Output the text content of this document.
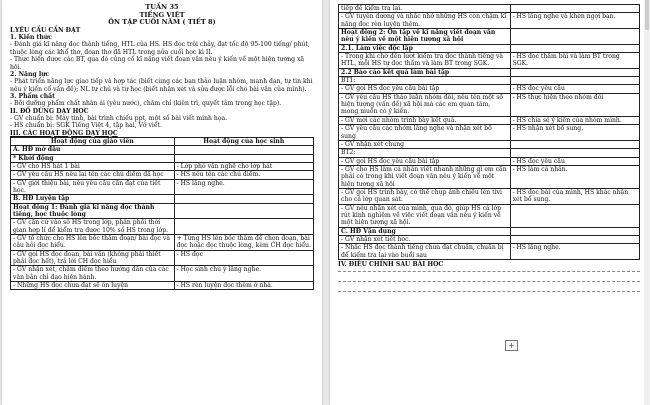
TUẦN 35

TIẾNG VIỆT

ÔN TẬP CUỐI NĂM ( TIẾT 8)

I.YÊU CẦU CẦN ĐẠT

1. Kiến thức

- Đánh giá kĩ năng đọc thành tiếng, HTL của HS. HS đọc trôi chảy, đạt tốc độ 95-100 tiếng/ phút, thuộc lòng các khổ thơ, đoạn thơ đã HTL trong nửa cuối học kì II.

- Thực hiện được các BT, qua đó củng cố kĩ năng viết đoạn văn nêu ý kiến về một hiện tượng xã hội.

2. Năng lực

- Phát triển năng lực giao tiếp và hợp tác (biết cùng các bạn thảo luận nhóm, mạnh dạn, tự tin khi nêu ý kiến cổ vấn đề); NL tự chủ và tự học (biết nhận xét và sửa được lỗi cho bài văn của mình).

3. Phẩm chất

- Bồi dưỡng phẩm chất nhân ái (yêu nước), chăm chỉ (kiên trì, quyết tâm trong học tập).

II. ĐỒ DÙNG DẠY HỌC

- GV chuẩn bị: Máy tính, bài trình chiếu ppt, một số bài viết minh họa.

- HS chuẩn bị: SGK Tiếng Việt 4, tập hai, Vở viết.

III. CÁC HOẠT ĐỘNG DẠY HỌC

Hoạt động của giáo viên	Hoạt động của học sinh
A. HĐ mở đầu	
* Khởi động	
- GV cho HS hát 1 bài	- Lớp phó văn nghệ cho lớp hát
- GV yêu cầu HS nêu lại tên các chủ điểm đã học	- HS nêu tên các chủ điểm.
- GV giới thiệu bài, nêu yêu cầu cần đạt của tiết học.	- HS lắng nghe.
B. HĐ Luyện tập	
Hoạt động 1: Đánh giá kĩ năng đọc thành tiếng, học thuộc lòng	
- GV căn cứ vào số HS trong lớp, phân phối thời gian hợp lí để kiểm tra được 10% số HS trong lớp.	
- GV tổ chức cho HS lên bốc thăm đoạn/ bài đọc và câu hỏi đọc hiểu.	+ Từng HS lên bốc thăm để chọn đoạn, bài đọc hoặc đọc thuộc lòng, kèm CH đọc hiểu.
- GV gọi HS đọc đoạn, bài văn (không phải thiết phải đọc hết), trả lời CH đọc hiểu	- HS đọc
- GV nhận xét, chấm điểm theo hướng dẫn của các văn bản chỉ đạo hiện hành.	- Học sinh chú ý lắng nghe.
- Những HS đọc chưa đạt sẽ ôn luyện	- HS rèn luyện đọc thêm ở nhà.
tiếp để kiểm tra lại.	
- GV tuyên dương và nhắc nhở những HS còn chậm kĩ năng đọc rèn luyện thêm.	- HS lắng nghe và khen ngợi bạn.
Hoạt động 2: Ôn tập về kĩ năng viết đoạn văn nêu ý kiến về một hiện tượng xã hội	
2.1. Làm việc độc lập	
- Trong khi chờ đến lượt kiểm tra đọc thành tiếng và HTL, mỗi HS tự đọc thầm và làm BT trong SGK.	- HS đọc thầm bài và làm BT trong SGK.
2.2 Báo cáo kết quả làm bài tập	
BT1:	
- GV gọi HS đọc yêu cầu bài tập	- HS đọc yêu cầu
- GV yêu cầu HS thảo luận nhóm đôi, nêu tên một số hiện tượng (vấn đề) xã hội mà các em quan tâm, mong muốn có ý kiến.	- HS thực hiện theo nhóm đôi
- GV mời các nhóm trình bày kết quả.	- HS chia sẻ ý kiến của nhóm mình.
- GV yêu cầu các nhóm lắng nghe và nhận xét bổ sung	- HS nhận xét bổ sung.
- GV nhận xét chung	
BT2:	
- GV gọi HS đọc yêu cầu bài tập	- HS đọc yêu cầu
- GV cho HS làm cá nhân viết nhanh những gì em cần phải có trong khi viết đoạn văn nêu ý kiến về một hiện tượng xã hội	- HS làm cá nhân.
- GV gọi HS trình bày, có thể chụp ảnh chiếu lên tivi cho cả lớp quan sát.	- HS đọc bài của mình, HS khác nhận xét bổ sung.
- GV nêu nhận xét của mình, qua đó, giúp HS cả lớp rút kinh nghiệm về việc viết đoạn văn nêu ý kiến về một hiện tượng xã hội.	
C. HĐ Vận dụng	
- GV nhận xét tiết học.	
- Nhắc HS đọc thành tiếng chưa đạt chuẩn, chuẩn bị để kiểm tra lại vào buổi sau	- HS lắng nghe.

IV. ĐIỀU CHỈNH SAU BÀI HỌC

+
